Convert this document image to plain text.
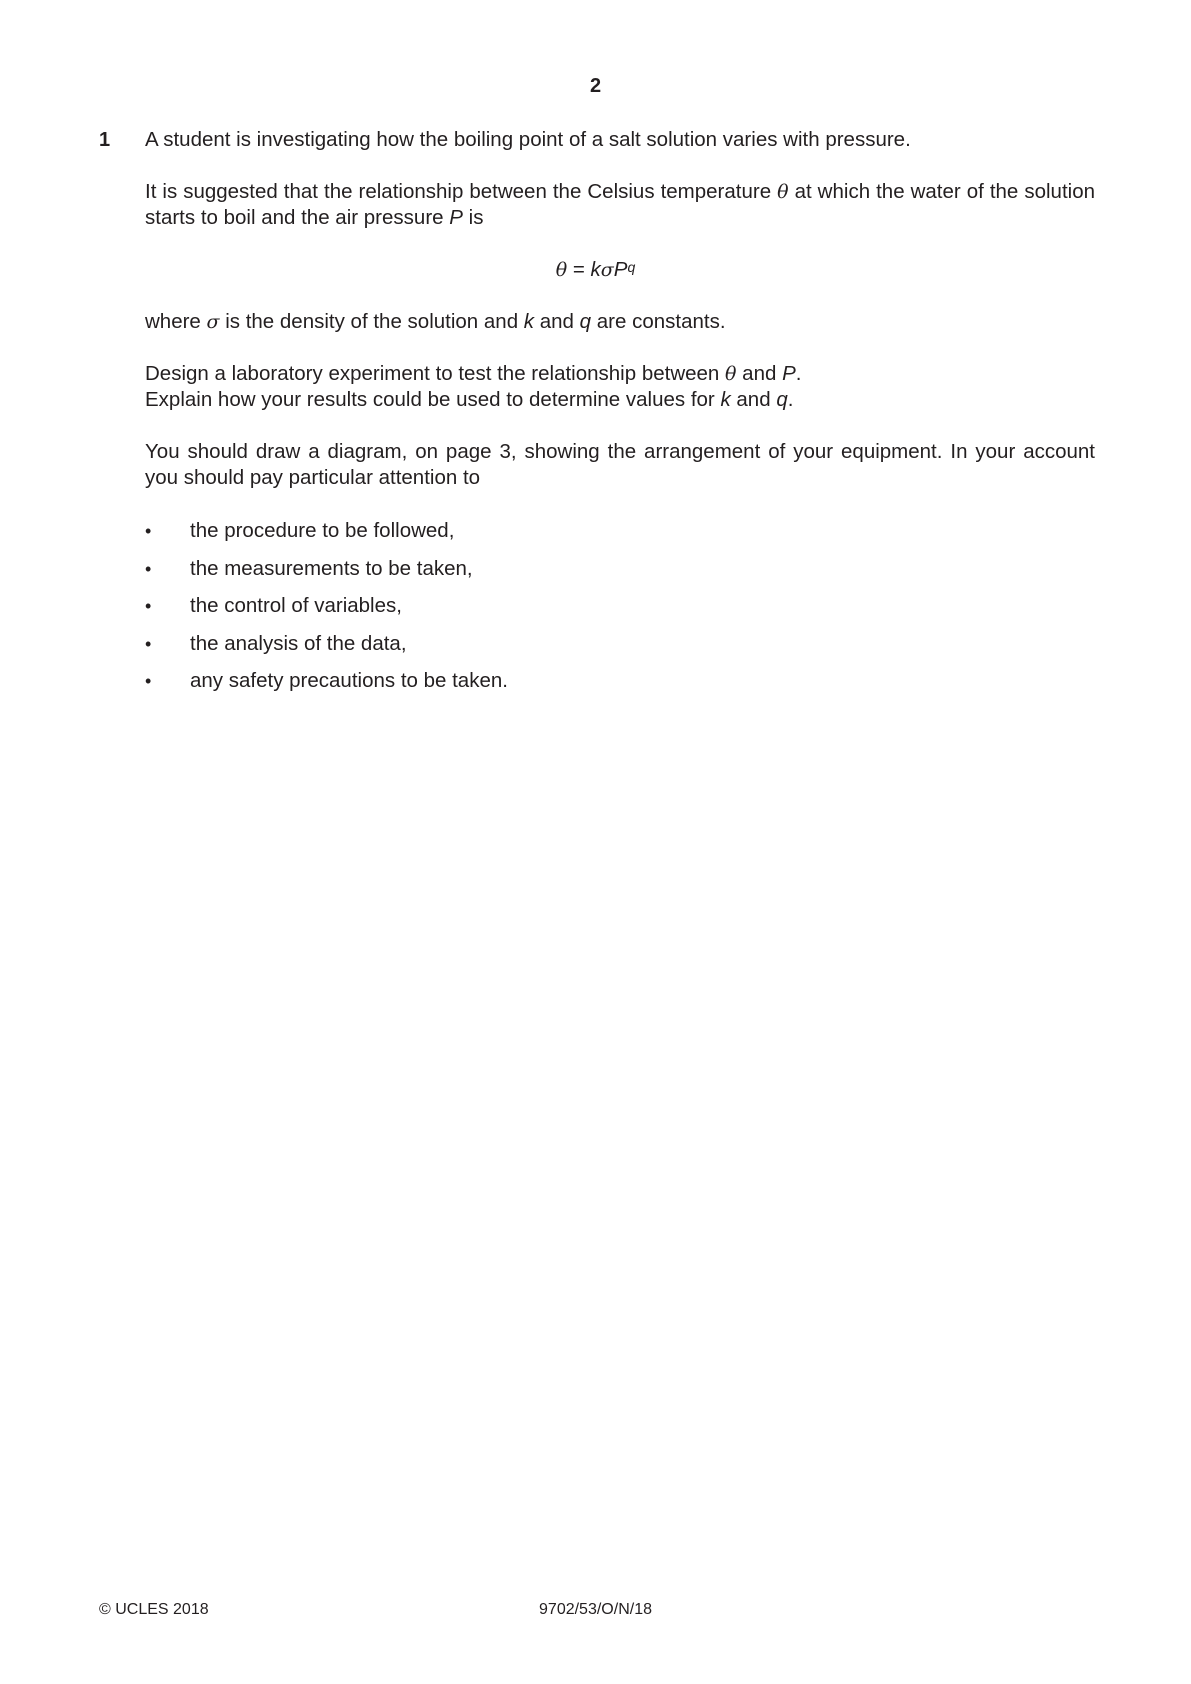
2
1 A student is investigating how the boiling point of a salt solution varies with pressure.
It is suggested that the relationship between the Celsius temperature θ at which the water of the solution starts to boil and the air pressure P is
θ = kσP$^q$
where σ is the density of the solution and k and q are constants.
Design a laboratory experiment to test the relationship between θ and P.
Explain how your results could be used to determine values for k and q.
You should draw a diagram, on page 3, showing the arrangement of your equipment. In your account you should pay particular attention to
• the procedure to be followed,
• the measurements to be taken,
• the control of variables,
• the analysis of the data,
• any safety precautions to be taken.
© UCLES 2018	9702/53/O/N/18
